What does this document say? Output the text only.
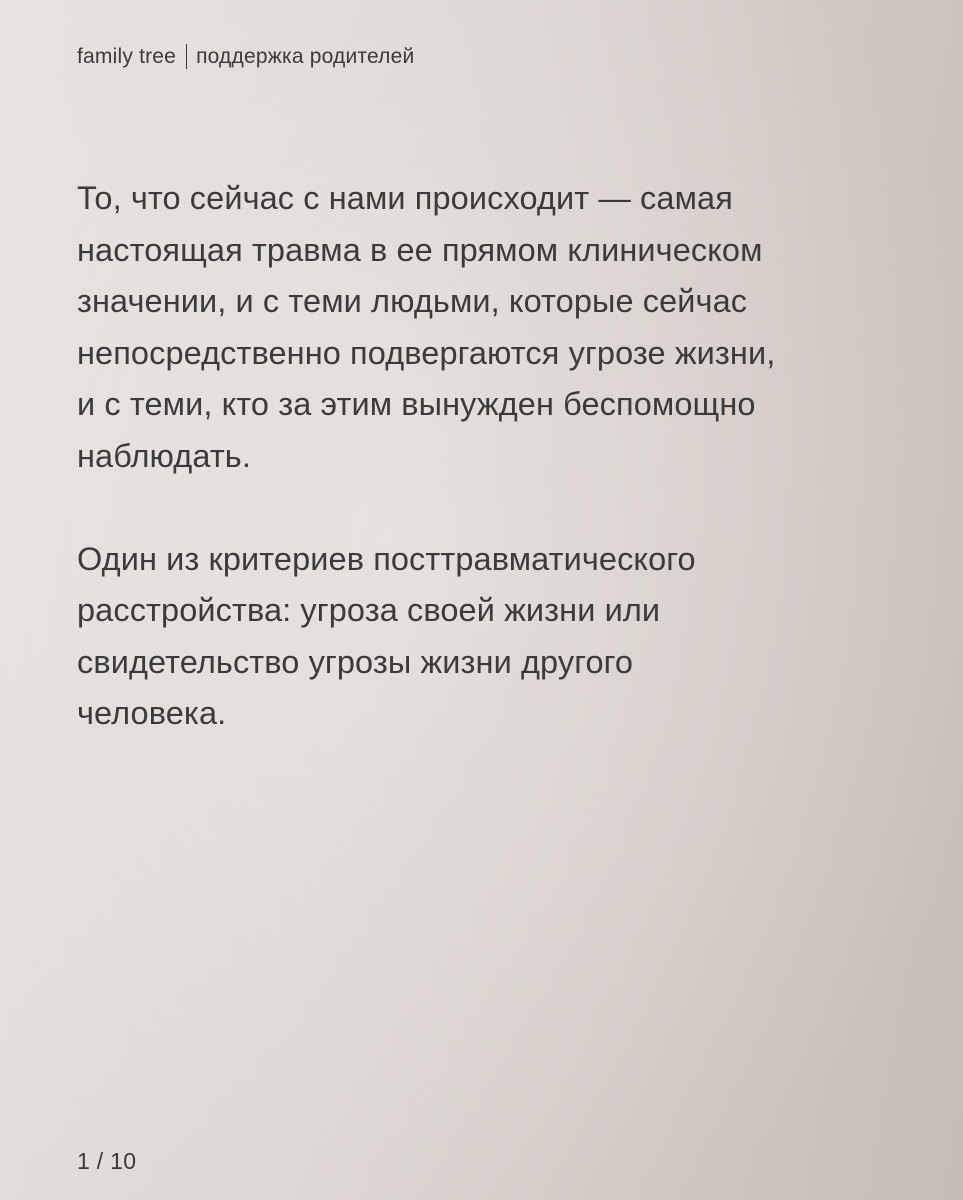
family tree поддержка родителей

То, что сейчас с нами происходит — самая
настоящая травма в ее прямом клиническом
значении, и с теми людьми, которые сейчас
непосредственно подвергаются угрозе жизни,
и с теми, кто за этим вынужден беспомощно
наблюдать.

Один из критериев посттравматического
расстройства: угроза своей жизни или
свидетельство угрозы жизни другого
человека.

1 / 10
